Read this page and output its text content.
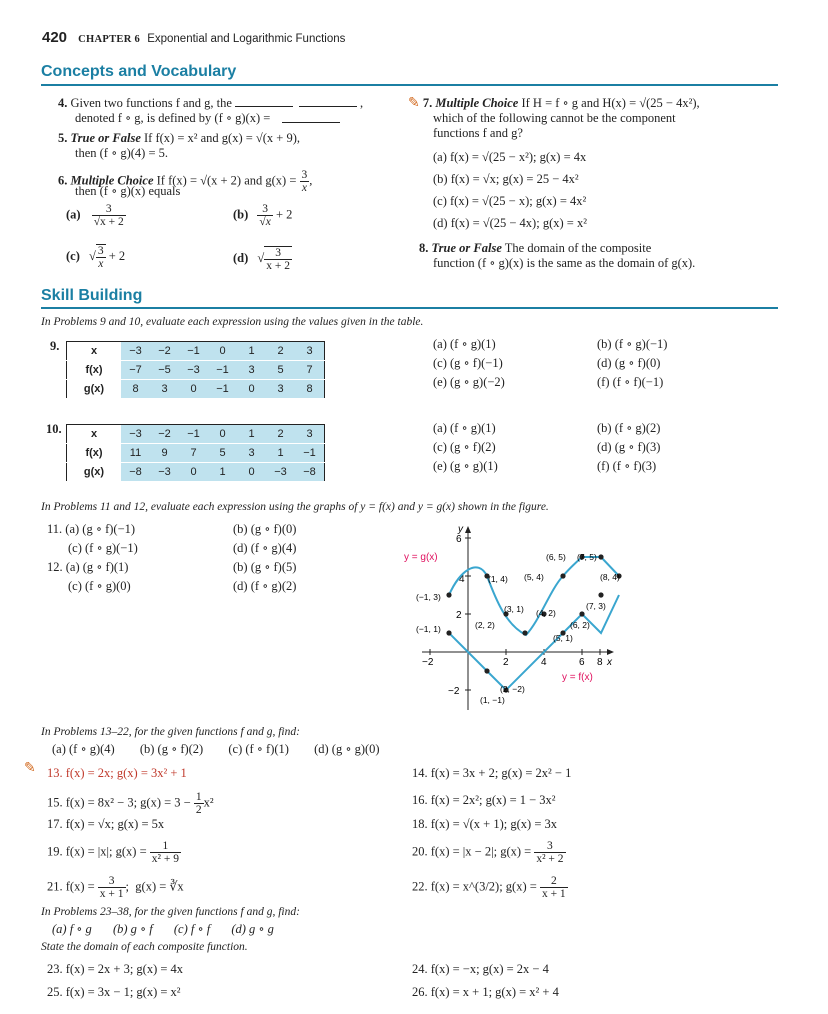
420 CHAPTER 6 Exponential and Logarithmic Functions
Concepts and Vocabulary
4. Given two functions f and g, the	,
denoted f ∘ g, is defined by (f ∘ g)(x) =
5. True or False If f(x) = x² and g(x) = √(x + 9),
then (f ∘ g)(4) = 5.
6. Multiple Choice If f(x) = √(x + 2) and $g(x) = \frac{3}{x}$ ,
then (f ∘ g)(x) equals
$(a) \frac{3}{√x + 2}$	$(b) \frac{3}{√x} + 2$
(c) √ $\frac{3}{x} + 2$	(d) √ $\frac{3}{x + 2}$
✎ 7. Multiple Choice If H = f ∘ g and H(x) = √(25 − 4x²),
which of the following cannot be the component
functions f and g?
(a) f(x) = √(25 − x²); g(x) = 4x
(b) f(x) = √x; g(x) = 25 − 4x²
(c) f(x) = √(25 − x); g(x) = 4x²
(d) f(x) = √(25 − 4x); g(x) = x²
8. True or False The domain of the composite
function (f ∘ g)(x) is the same as the domain of g(x).
Skill Building
In Problems 9 and 10, evaluate each expression using the values given in the table.
9.	x	−3	−2	−1	0	1	2	3
f(x)	−7	−5	−3	−1	3	5	7
g(x)	8	3	0	−1	0	3	8
10.	x	−3	−2	−1	0	1	2	3
f(x)	11	9	7	5	3	1	−1
g(x)	−8	−3	0	1	0	−3	−8
(a) (f ∘ g)(1)	(b) (f ∘ g)(−1)
(c) (g ∘ f)(−1)	(d) (g ∘ f)(0)
(e) (g ∘ g)(−2)	(f) (f ∘ f)(−1)
(a) (f ∘ g)(1)	(b) (f ∘ g)(2)
(c) (g ∘ f)(2)	(d) (g ∘ f)(3)
(e) (g ∘ g)(1)	(f) (f ∘ f)(3)
In Problems 11 and 12, evaluate each expression using the graphs of y = f(x) and y = g(x) shown in the figure.
11. (a) (g ∘ f)(−1)	(b) (g ∘ f)(0)
(c) (f ∘ g)(−1)	(d) (f ∘ g)(4)
12. (a) (g ∘ f)(1)	(b) (g ∘ f)(5)
(c) (f ∘ g)(0)	(d) (f ∘ g)(2)
−2	2	4	6 8 x
−2
2
4
6
y
y = g(x)
y = f(x)
(−1, 3)
(1, 4) (5, 4)
(6, 5) (7, 5)
(8, 4)
(3, 1) (4, 2)
(2, 2)
(7, 3)
(6, 2)
(5, 1)
(−1, 1)
(2, −2)
(1, −1)
In Problems 13–22, for the given functions f and g, find:
(a) (f ∘ g)(4) (b) (g ∘ f)(2) (c) (f ∘ f)(1) (d) (g ∘ g)(0)
✎ 13. f(x) = 2x; g(x) = 3x² + 1	14. f(x) = 3x + 2; g(x) = 2x² − 1
15. f(x) = 8x² − 3; $g(x) = 3 - \frac{1}{2} x^2$	16. f(x) = 2x²; g(x) = 1 − 3x²
17. f(x) = √x; g(x) = 5x	18. f(x) = √(x + 1); g(x) = 3x
19. f(x) = |x|; $g(x) = \frac{1}{\text{x² + 9}}$	20. f(x) = |x − 2|; $g(x) = \frac{3}{\text{x² + 2}}$
21. $f(x) = \frac{3}{x + 1}$ ;  g(x) = ∛x	22. f(x) = x^(3/2); $g(x) = \frac{2}{x + 1}$
In Problems 23–38, for the given functions f and g, find:
(a) f ∘ g (b) g ∘ f (c) f ∘ f (d) g ∘ g
State the domain of each composite function.
23. f(x) = 2x + 3; g(x) = 4x	24. f(x) = −x; g(x) = 2x − 4
25. f(x) = 3x − 1; g(x) = x²	26. f(x) = x + 1; g(x) = x² + 4
